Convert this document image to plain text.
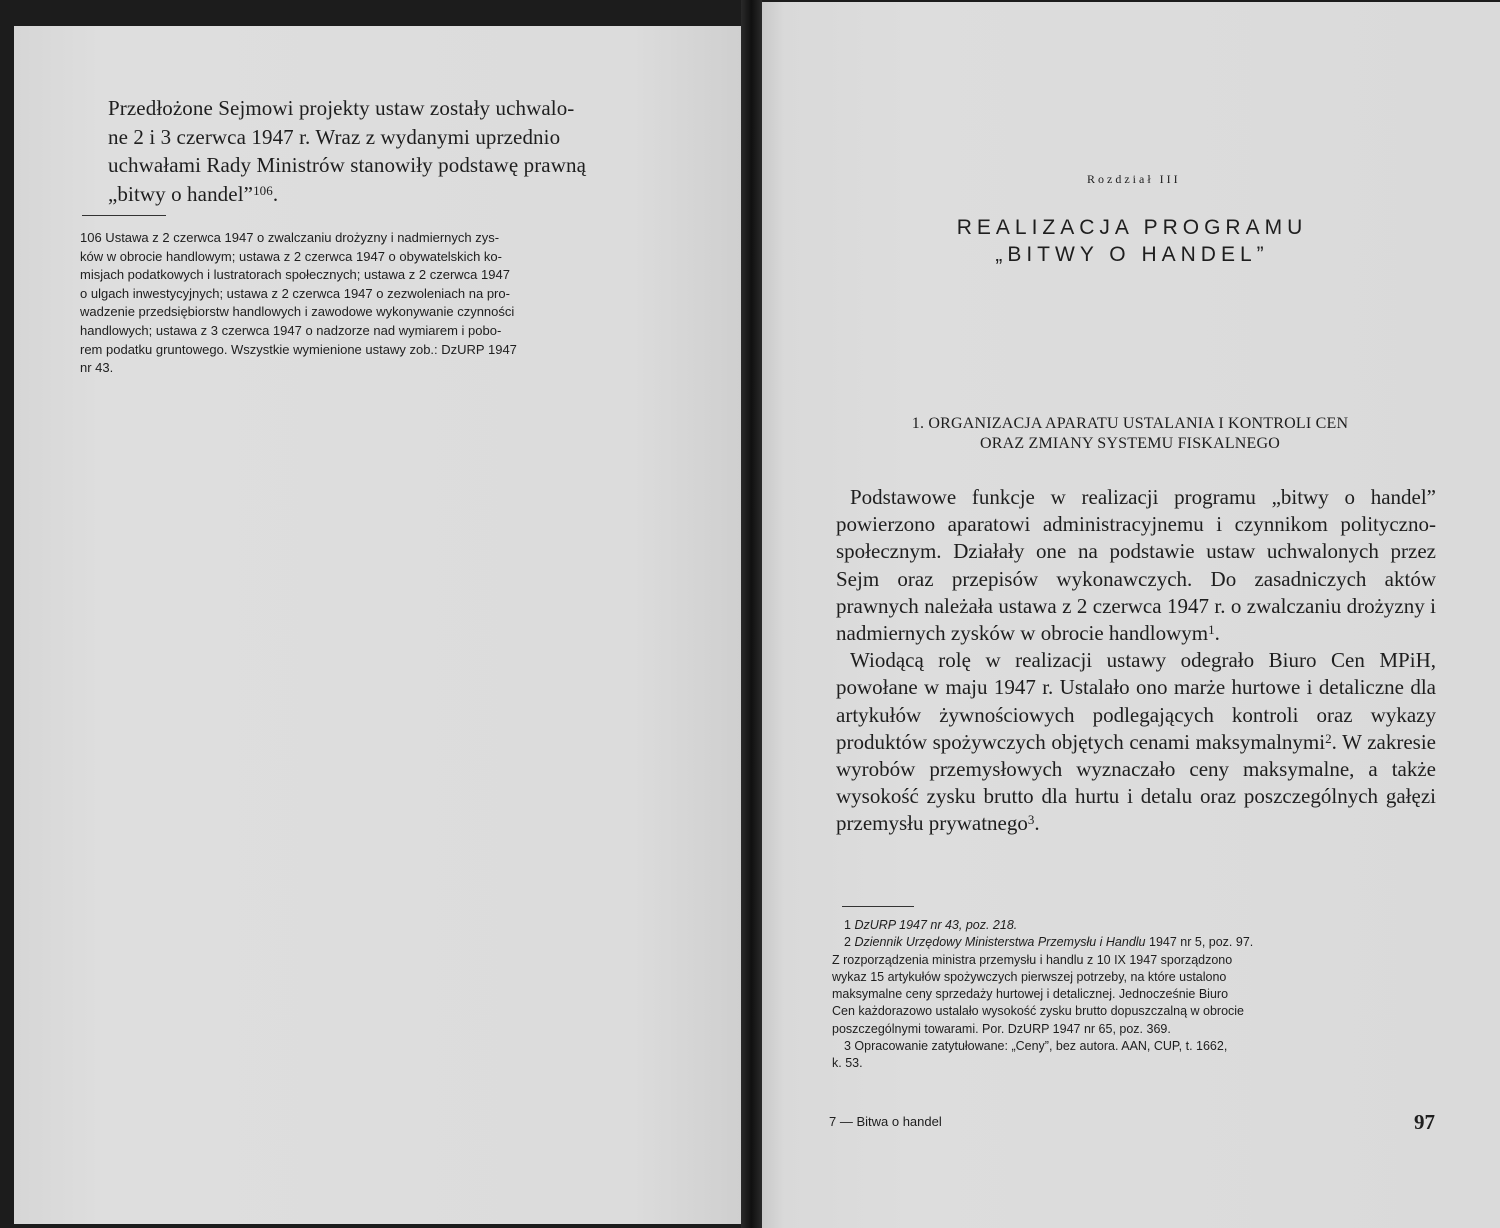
Przedłożone Sejmowi projekty ustaw zostały uchwalo-

ne 2 i 3 czerwca 1947 r. Wraz z wydanymi uprzednio

uchwałami Rady Ministrów stanowiły podstawę prawną

„bitwy o handel”$^{106}$.

106 Ustawa z 2 czerwca 1947 o zwalczaniu drożyzny i nadmiernych zys-

ków w obrocie handlowym; ustawa z 2 czerwca 1947 o obywatelskich ko-

misjach podatkowych i lustratorach społecznych; ustawa z 2 czerwca 1947

o ulgach inwestycyjnych; ustawa z 2 czerwca 1947 o zezwoleniach na pro-

wadzenie przedsiębiorstw handlowych i zawodowe wykonywanie czynności

handlowych; ustawa z 3 czerwca 1947 o nadzorze nad wymiarem i pobo-

rem podatku gruntowego. Wszystkie wymienione ustawy zob.: DzURP 1947

nr 43.

Rozdział III
REALIZACJA PROGRAMU
„BITWY O HANDEL”
1. ORGANIZACJA APARATU USTALANIA I KONTROLI CEN
ORAZ ZMIANY SYSTEMU FISKALNEGO

Podstawowe funkcje w realizacji programu „bitwy o handel” powierzono aparatowi administracyjnemu i czynnikom polityczno-społecznym. Działały one na podstawie ustaw uchwalonych przez Sejm oraz przepisów wykonawczych. Do zasadniczych aktów prawnych należała ustawa z 2 czerwca 1947 r. o zwalczaniu drożyzny i nadmiernych zysków w obrocie handlowym$^1$.

Wiodącą rolę w realizacji ustawy odegrało Biuro Cen MPiH, powołane w maju 1947 r. Ustalało ono marże hurtowe i detaliczne dla artykułów żywnościowych podlegających kontroli oraz wykazy produktów spożywczych objętych cenami maksymalnymi$^2$. W zakresie wyrobów przemysłowych wyznaczało ceny maksymalne, a także wysokość zysku brutto dla hurtu i detalu oraz poszczególnych gałęzi przemysłu prywatnego$^3$.

1 DzURP 1947 nr 43, poz. 218.

2 Dziennik Urzędowy Ministerstwa Przemysłu i Handlu 1947 nr 5, poz. 97.

Z rozporządzenia ministra przemysłu i handlu z 10 IX 1947 sporządzono

wykaz 15 artykułów spożywczych pierwszej potrzeby, na które ustalono

maksymalne ceny sprzedaży hurtowej i detalicznej. Jednocześnie Biuro

Cen każdorazowo ustalało wysokość zysku brutto dopuszczalną w obrocie

poszczególnymi towarami. Por. DzURP 1947 nr 65, poz. 369.

3 Opracowanie zatytułowane: „Ceny”, bez autora. AAN, CUP, t. 1662,

k. 53.

7 — Bitwa o handel	97
